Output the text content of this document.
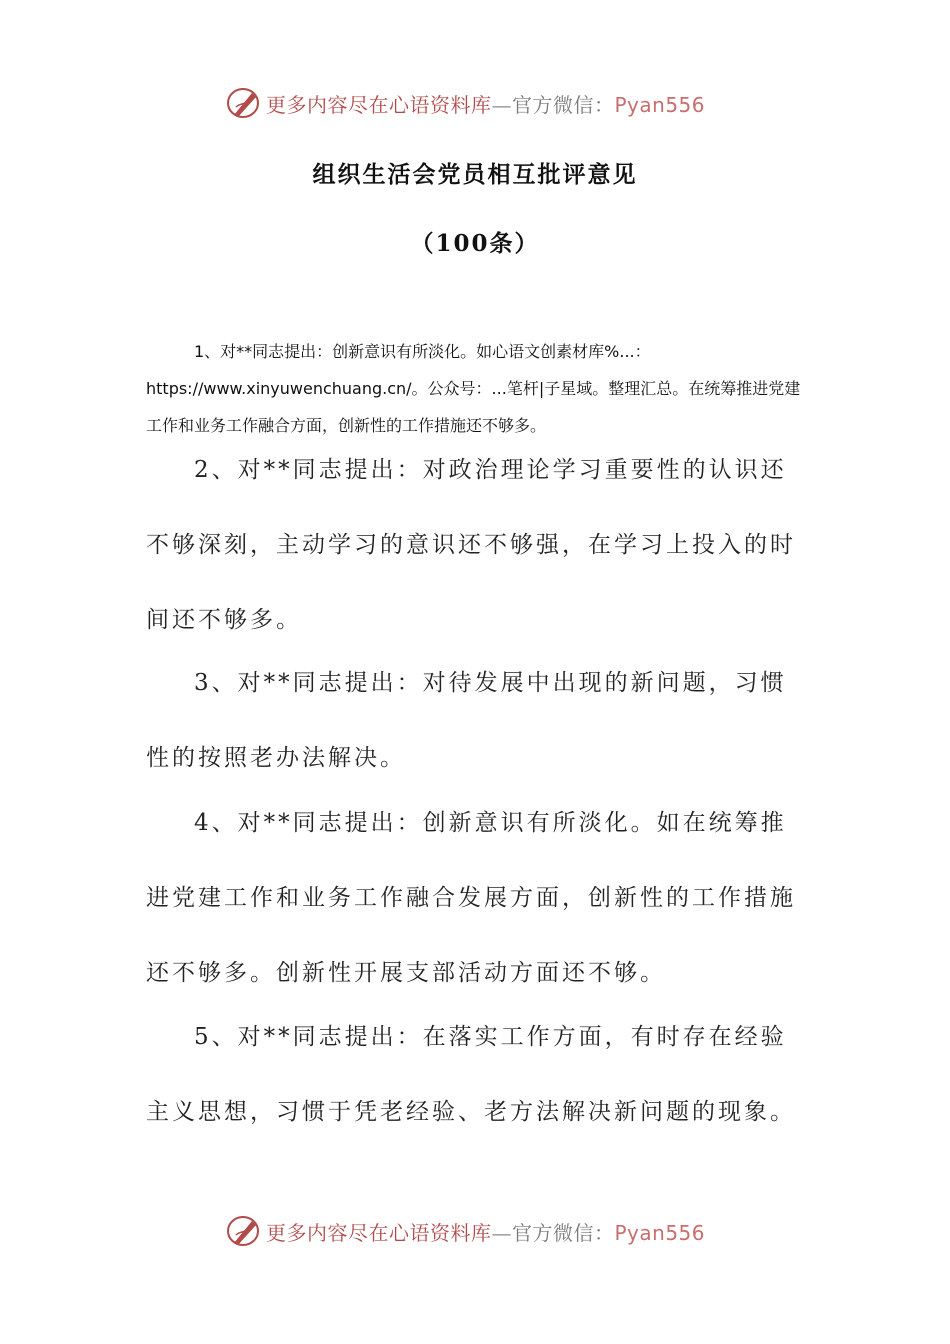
更多内容尽在心语资料库—官方微信：Pyan556
组织生活会党员相互批评意见
（100条）

1、对**同志提出：创新意识有所淡化。如心语文创素材库%...：https://www.xinyuwenchuang.cn/。公众号：...笔杆|子星域。整理汇总。在统筹推进党建工作和业务工作融合方面，创新性的工作措施还不够多。

2、对**同志提出：对政治理论学习重要性的认识还不够深刻，主动学习的意识还不够强，在学习上投入的时间还不够多。

3、对**同志提出：对待发展中出现的新问题，习惯性的按照老办法解决。

4、对**同志提出：创新意识有所淡化。如在统筹推进党建工作和业务工作融合发展方面，创新性的工作措施还不够多。创新性开展支部活动方面还不够。

5、对**同志提出：在落实工作方面，有时存在经验主义思想，习惯于凭老经验、老方法解决新问题的现象。

更多内容尽在心语资料库—官方微信：Pyan556
